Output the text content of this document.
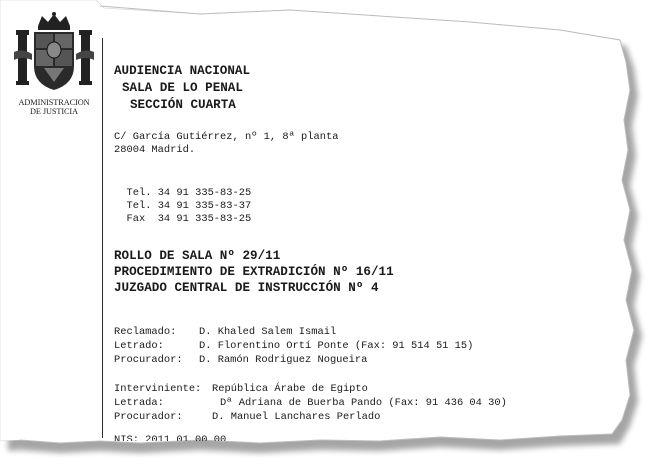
ADMINISTRACION
DE JUSTICIA
AUDIENCIA NACIONAL
SALA DE LO PENAL
SECCIÓN CUARTA
C/ García Gutiérrez, nº 1, 8ª planta
28004 Madrid.

Tel. 34 91 335-83-25

Tel. 34 91 335-83-37

Fax 34 91 335-83-25

ROLLO DE SALA Nº 29/11
PROCEDIMIENTO DE EXTRADICIÓN Nº 16/11
JUZGADO CENTRAL DE INSTRUCCIÓN Nº 4
Reclamado: D. Khaled Salem Ismail
Letrado:	D. Florentino Ortí Ponte (Fax: 91 514 51 15)
Procurador: D. Ramón Rodriguez Nogueira
Interviniente: República Árabe de Egipto
Letrada:	Dª Adriana de Buerba Pando (Fax: 91 436 04 30)
Procurador:	D. Manuel Lanchares Perlado
NIS: 2011 01 00 00
